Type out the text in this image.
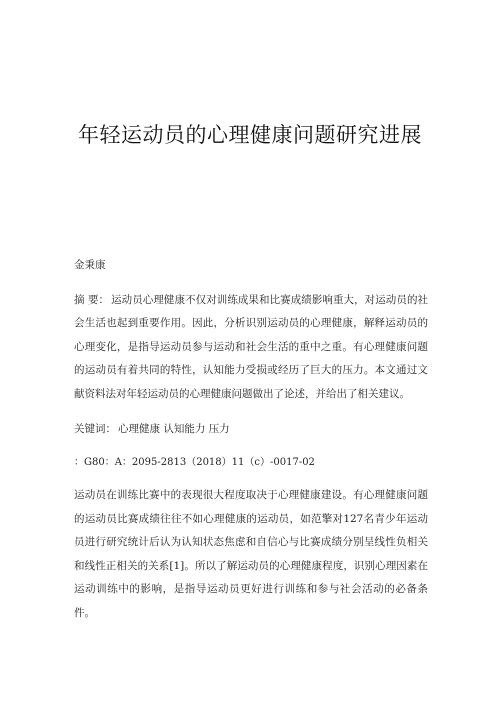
年轻运动员的心理健康问题研究进展
金秉康
摘 要： 运动员心理健康不仅对训练成果和比赛成绩影响重大，对运动员的社会生活也起到重要作用。因此，分析识别运动员的心理健康，解释运动员的心理变化，是指导运动员参与运动和社会生活的重中之重。有心理健康问题的运动员有着共同的特性，认知能力受损或经历了巨大的压力。本文通过文献资料法对年轻运动员的心理健康问题做出了论述，并给出了相关建议。
关键词： 心理健康 认知能力 压力
：G80：A：2095-2813（2018）11（c）-0017-02
运动员在训练比赛中的表现很大程度取决于心理健康建设。有心理健康问题的运动员比赛成绩往往不如心理健康的运动员，如范擎对127名青少年运动员进行研究统计后认为认知状态焦虑和自信心与比赛成绩分别呈线性负相关和线性正相关的关系[1]。所以了解运动员的心理健康程度，识别心理因素在运动训练中的影响，是指导运动员更好进行训练和参与社会活动的必备条件。
